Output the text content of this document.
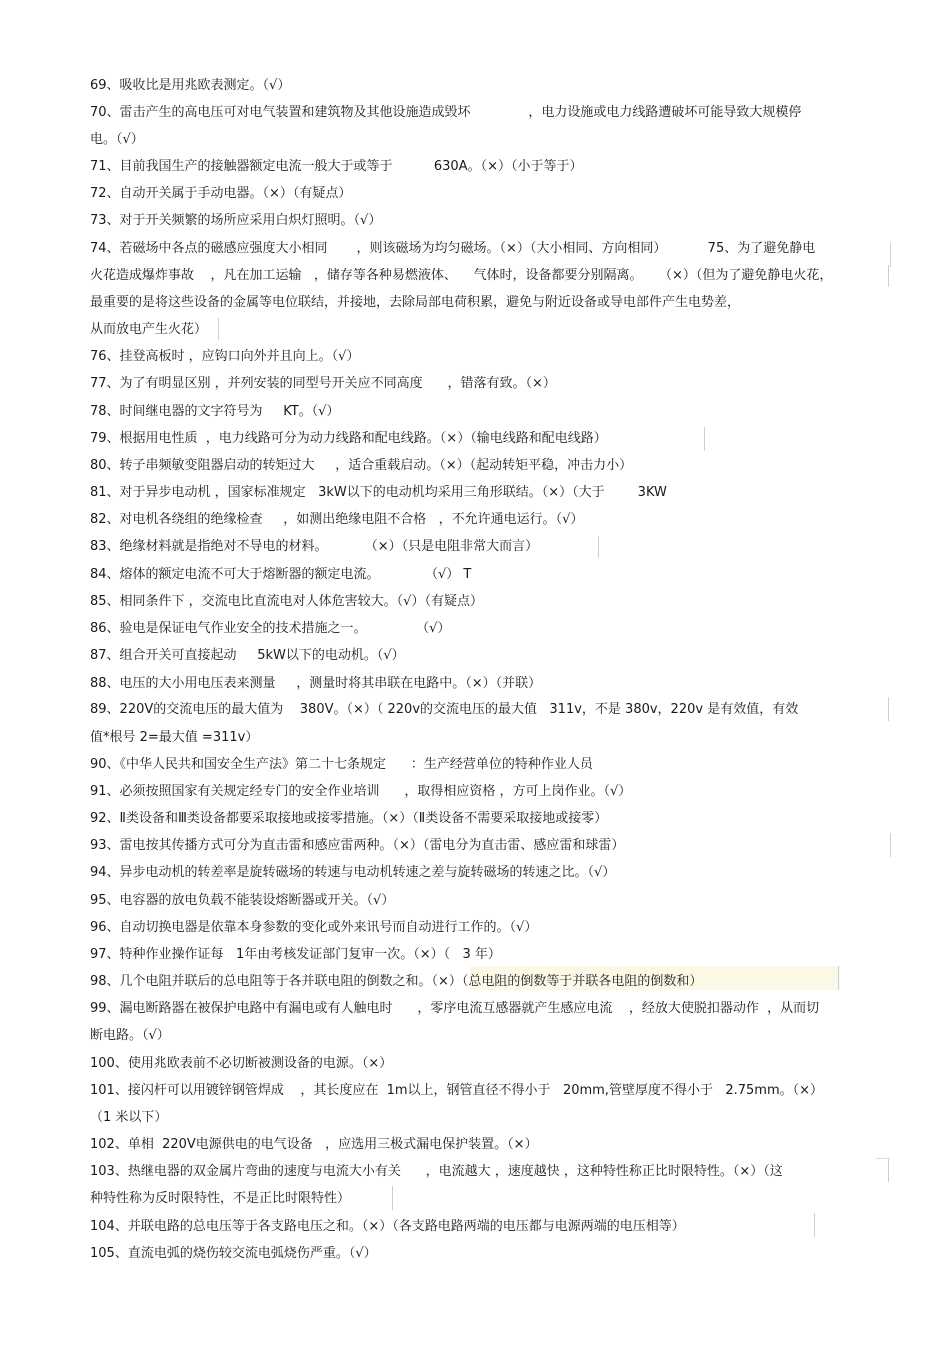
69、吸收比是用兆欧表测定。（√）
70、雷击产生的高电压可对电气装置和建筑物及其他设施造成毁坏              ，电力设施或电力线路遭破坏可能导致大规模停
电。（√）
71、目前我国生产的接触器额定电流一般大于或等于          630A。（×）（小于等于）
72、自动开关属于手动电器。（×）（有疑点）
73、对于开关频繁的场所应采用白炽灯照明。（√）
74、若磁场中各点的磁感应强度大小相同       ，则该磁场为均匀磁场。（×）（大小相同、方向相同）          75、为了避免静电
火花造成爆炸事故    ，凡在加工运输   ，储存等各种易燃液体、    气体时，设备都要分别隔离。    （×）（但为了避免静电火花，
最重要的是将这些设备的金属等电位联结，并接地，去除局部电荷积累，避免与附近设备或导电部件产生电势差，
从而放电产生火花）
76、挂登高板时 ，应钩口向外并且向上。（√）
77、为了有明显区别 ，并列安装的同型号开关应不同高度      ，错落有致。（×）
78、时间继电器的文字符号为     KT。（√）
79、根据用电性质  ，电力线路可分为动力线路和配电线路。（×）（输电线路和配电线路）
80、转子串频敏变阻器启动的转矩过大     ，适合重载启动。（×）（起动转矩平稳，冲击力小）
81、对于异步电动机 ，国家标准规定   3kW以下的电动机均采用三角形联结。（×）（大于        3KW
82、对电机各绕组的绝缘检查     ，如测出绝缘电阻不合格   ，不允许通电运行。（√）
83、绝缘材料就是指绝对不导电的材料。         （×）（只是电阻非常大而言）
84、熔体的额定电流不可大于熔断器的额定电流。           （√） T
85、相同条件下 ，交流电比直流电对人体危害较大。（√）（有疑点）
86、验电是保证电气作业安全的技术措施之一。            （√）
87、组合开关可直接起动     5kW以下的电动机。（√）
88、电压的大小用电压表来测量     ，测量时将其串联在电路中。（×）（并联）
89、220V的交流电压的最大值为    380V。（×）（ 220v的交流电压的最大值   311v，不是 380v，220v 是有效值，有效
值*根号 2=最大值 =311v）
90、《中华人民共和国安全生产法》第二十七条规定      ：生产经营单位的特种作业人员
91、必须按照国家有关规定经专门的安全作业培训      ，取得相应资格 ，方可上岗作业。（√）
92、Ⅱ类设备和Ⅲ类设备都要采取接地或接零措施。（×）（Ⅱ类设备不需要采取接地或接零）
93、雷电按其传播方式可分为直击雷和感应雷两种。（×）（雷电分为直击雷、感应雷和球雷）
94、异步电动机的转差率是旋转磁场的转速与电动机转速之差与旋转磁场的转速之比。（√）
95、电容器的放电负载不能装设熔断器或开关。（√）
96、自动切换电器是依靠本身参数的变化或外来讯号而自动进行工作的。（√）
97、特种作业操作证每   1年由考核发证部门复审一次。（×）（   3 年）
98、几个电阻并联后的总电阻等于各并联电阻的倒数之和。（×）（总电阻的倒数等于并联各电阻的倒数和）
99、漏电断路器在被保护电路中有漏电或有人触电时      ，零序电流互感器就产生感应电流    ，经放大使脱扣器动作  ，从而切
断电路。（√）
100、使用兆欧表前不必切断被测设备的电源。（×）
101、接闪杆可以用镀锌钢管焊成    ，其长度应在  1m以上，钢管直径不得小于   20mm,管壁厚度不得小于   2.75mm。（×）
（1 米以下）
102、单相  220V电源供电的电气设备   ，应选用三极式漏电保护装置。（×）
103、热继电器的双金属片弯曲的速度与电流大小有关      ，电流越大 ，速度越快 ，这种特性称正比时限特性。（×）（这
种特性称为反时限特性，不是正比时限特性）
104、并联电路的总电压等于各支路电压之和。（×）（各支路电路两端的电压都与电源两端的电压相等）
105、直流电弧的烧伤较交流电弧烧伤严重。（√）
